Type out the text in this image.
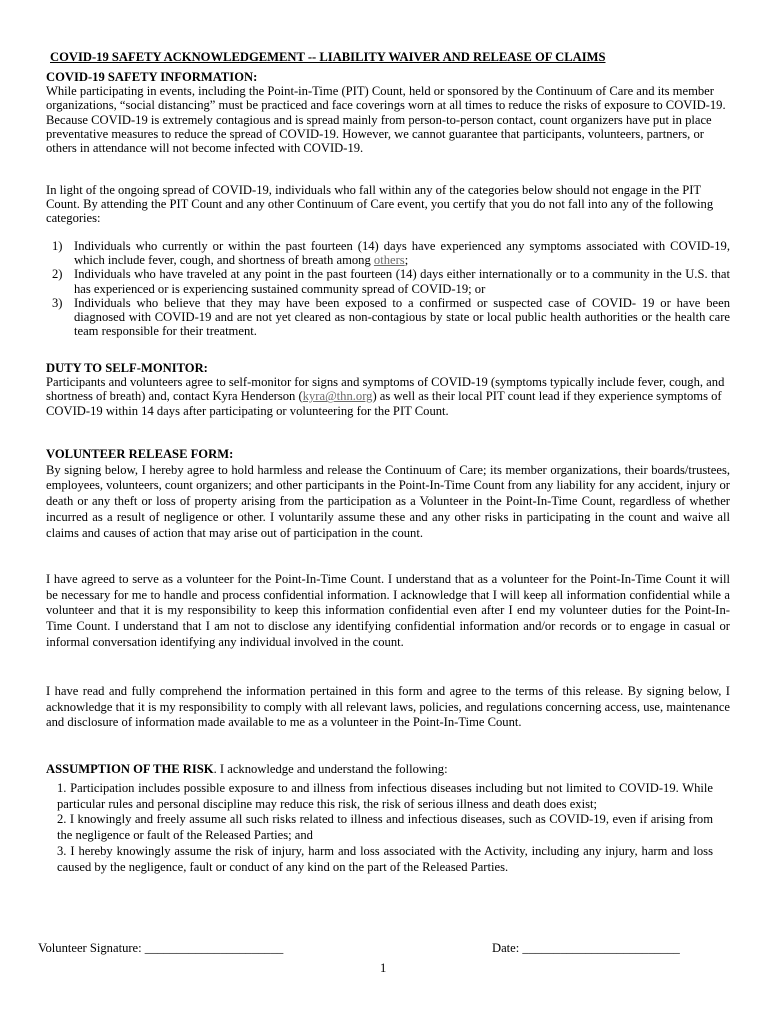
COVID-19 SAFETY ACKNOWLEDGEMENT -- LIABILITY WAIVER AND RELEASE OF CLAIMS
COVID-19 SAFETY INFORMATION:
While participating in events, including the Point-in-Time (PIT) Count, held or sponsored by the Continuum of Care and its member organizations, “social distancing” must be practiced and face coverings worn at all times to reduce the risks of exposure to COVID-19. Because COVID-19 is extremely contagious and is spread mainly from person-to-person contact, count organizers have put in place preventative measures to reduce the spread of COVID-19. However, we cannot guarantee that participants, volunteers, partners, or others in attendance will not become infected with COVID-19.
In light of the ongoing spread of COVID-19, individuals who fall within any of the categories below should not engage in the PIT Count. By attending the PIT Count and any other Continuum of Care event, you certify that you do not fall into any of the following categories:
1) Individuals who currently or within the past fourteen (14) days have experienced any symptoms associated with COVID-19, which include fever, cough, and shortness of breath among others;
2) Individuals who have traveled at any point in the past fourteen (14) days either internationally or to a community in the U.S. that has experienced or is experiencing sustained community spread of COVID-19; or
3) Individuals who believe that they may have been exposed to a confirmed or suspected case of COVID- 19 or have been diagnosed with COVID-19 and are not yet cleared as non-contagious by state or local public health authorities or the health care team responsible for their treatment.
DUTY TO SELF-MONITOR:
Participants and volunteers agree to self-monitor for signs and symptoms of COVID-19 (symptoms typically include fever, cough, and shortness of breath) and, contact Kyra Henderson (kyra@thn.org) as well as their local PIT count lead if they experience symptoms of COVID-19 within 14 days after participating or volunteering for the PIT Count.
VOLUNTEER RELEASE FORM:
By signing below, I hereby agree to hold harmless and release the Continuum of Care; its member organizations, their boards/trustees, employees, volunteers, count organizers; and other participants in the Point-In-Time Count from any liability for any accident, injury or death or any theft or loss of property arising from the participation as a Volunteer in the Point-In-Time Count, regardless of whether incurred as a result of negligence or other. I voluntarily assume these and any other risks in participating in the count and waive all claims and causes of action that may arise out of participation in the count.
I have agreed to serve as a volunteer for the Point-In-Time Count. I understand that as a volunteer for the Point-In-Time Count it will be necessary for me to handle and process confidential information. I acknowledge that I will keep all information confidential while a volunteer and that it is my responsibility to keep this information confidential even after I end my volunteer duties for the Point-In-Time Count. I understand that I am not to disclose any identifying confidential information and/or records or to engage in casual or informal conversation identifying any individual involved in the count.
I have read and fully comprehend the information pertained in this form and agree to the terms of this release. By signing below, I acknowledge that it is my responsibility to comply with all relevant laws, policies, and regulations concerning access, use, maintenance and disclosure of information made available to me as a volunteer in the Point-In-Time Count.
ASSUMPTION OF THE RISK. I acknowledge and understand the following:
1. Participation includes possible exposure to and illness from infectious diseases including but not limited to COVID-19. While particular rules and personal discipline may reduce this risk, the risk of serious illness and death does exist;
2. I knowingly and freely assume all such risks related to illness and infectious diseases, such as COVID-19, even if arising from the negligence or fault of the Released Parties; and
3. I hereby knowingly assume the risk of injury, harm and loss associated with the Activity, including any injury, harm and loss caused by the negligence, fault or conduct of any kind on the part of the Released Parties.
Volunteer Signature: ______________________	Date: _________________________
1
